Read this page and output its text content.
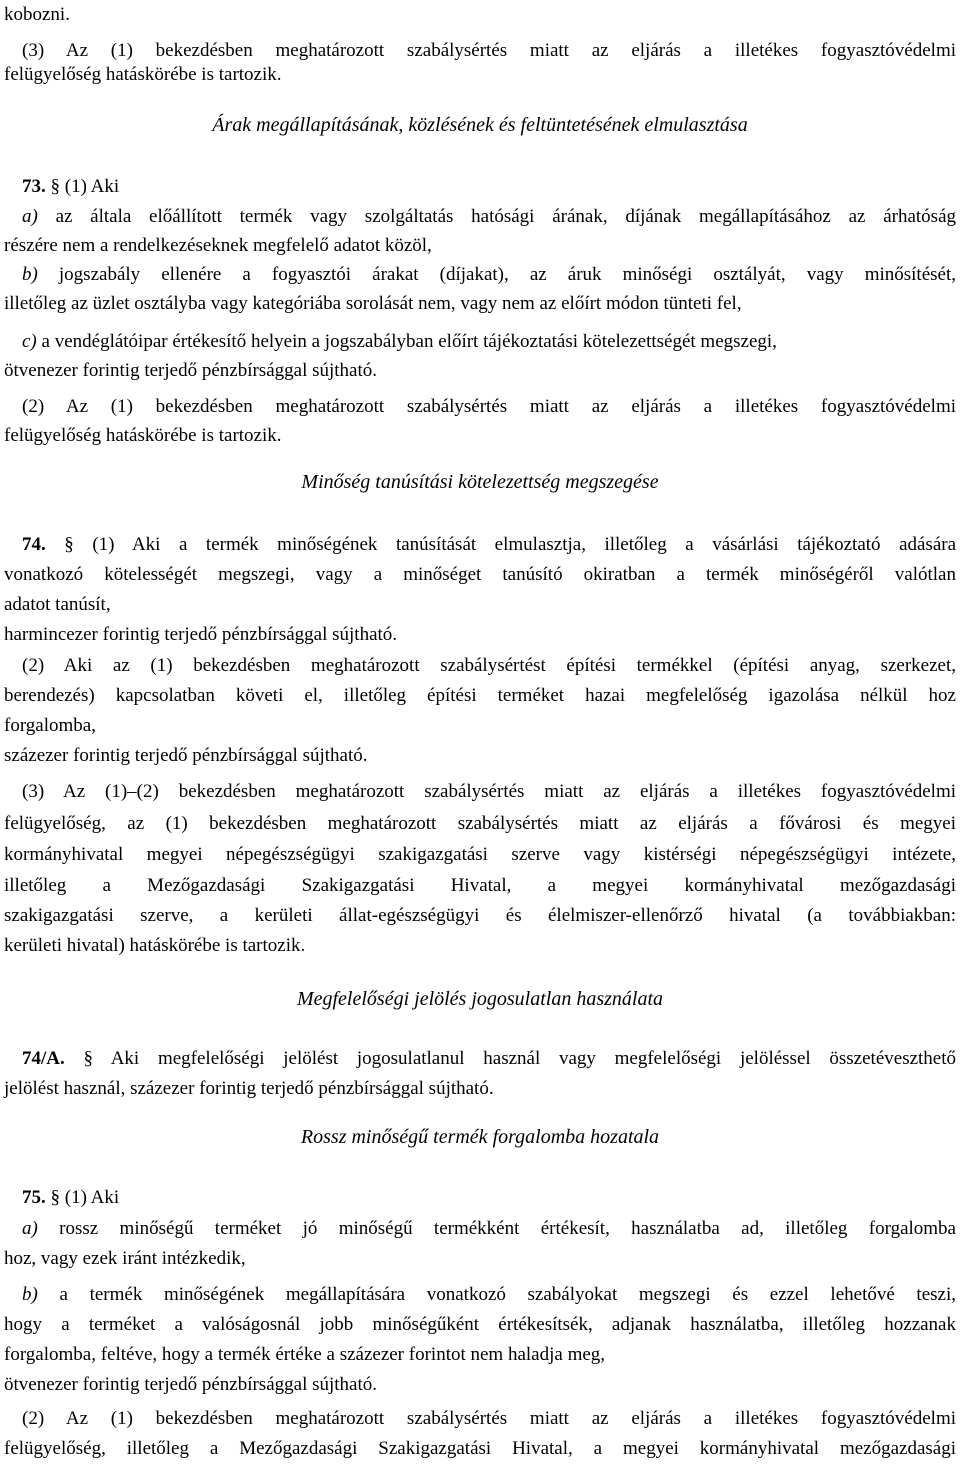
kobozni.
(3) Az (1) bekezdésben meghatározott szabálysértés miatt az eljárás a illetékes fogyasztóvédelmi
felügyelőség hatáskörébe is tartozik.
Árak megállapításának, közlésének és feltüntetésének elmulasztása
73. § (1) Aki
a) az általa előállított termék vagy szolgáltatás hatósági árának, díjának megállapításához az árhatóság
részére nem a rendelkezéseknek megfelelő adatot közöl,
b) jogszabály ellenére a fogyasztói árakat (díjakat), az áruk minőségi osztályát, vagy minősítését,
illetőleg az üzlet osztályba vagy kategóriába sorolását nem, vagy nem az előírt módon tünteti fel,
c) a vendéglátóipar értékesítő helyein a jogszabályban előírt tájékoztatási kötelezettségét megszegi,
ötvenezer forintig terjedő pénzbírsággal sújtható.
(2) Az (1) bekezdésben meghatározott szabálysértés miatt az eljárás a illetékes fogyasztóvédelmi
felügyelőség hatáskörébe is tartozik.
Minőség tanúsítási kötelezettség megszegése
74. § (1) Aki a termék minőségének tanúsítását elmulasztja, illetőleg a vásárlási tájékoztató adására
vonatkozó kötelességét megszegi, vagy a minőséget tanúsító okiratban a termék minőségéről valótlan
adatot tanúsít,
harmincezer forintig terjedő pénzbírsággal sújtható.
(2) Aki az (1) bekezdésben meghatározott szabálysértést építési termékkel (építési anyag, szerkezet,
berendezés) kapcsolatban követi el, illetőleg építési terméket hazai megfelelőség igazolása nélkül hoz
forgalomba,
százezer forintig terjedő pénzbírsággal sújtható.
(3) Az (1)–(2) bekezdésben meghatározott szabálysértés miatt az eljárás a illetékes fogyasztóvédelmi
felügyelőség, az (1) bekezdésben meghatározott szabálysértés miatt az eljárás a fővárosi és megyei
kormányhivatal megyei népegészségügyi szakigazgatási szerve vagy kistérségi népegészségügyi intézete,
illetőleg a Mezőgazdasági Szakigazgatási Hivatal, a megyei kormányhivatal mezőgazdasági
szakigazgatási szerve, a kerületi állat-egészségügyi és élelmiszer-ellenőrző hivatal (a továbbiakban:
kerületi hivatal) hatáskörébe is tartozik.
Megfelelőségi jelölés jogosulatlan használata
74/A. § Aki megfelelőségi jelölést jogosulatlanul használ vagy megfelelőségi jelöléssel összetéveszthető
jelölést használ, százezer forintig terjedő pénzbírsággal sújtható.
Rossz minőségű termék forgalomba hozatala
75. § (1) Aki
a) rossz minőségű terméket jó minőségű termékként értékesít, használatba ad, illetőleg forgalomba
hoz, vagy ezek iránt intézkedik,
b) a termék minőségének megállapítására vonatkozó szabályokat megszegi és ezzel lehetővé teszi,
hogy a terméket a valóságosnál jobb minőségűként értékesítsék, adjanak használatba, illetőleg hozzanak
forgalomba, feltéve, hogy a termék értéke a százezer forintot nem haladja meg,
ötvenezer forintig terjedő pénzbírsággal sújtható.
(2) Az (1) bekezdésben meghatározott szabálysértés miatt az eljárás a illetékes fogyasztóvédelmi
felügyelőség, illetőleg a Mezőgazdasági Szakigazgatási Hivatal, a megyei kormányhivatal mezőgazdasági
